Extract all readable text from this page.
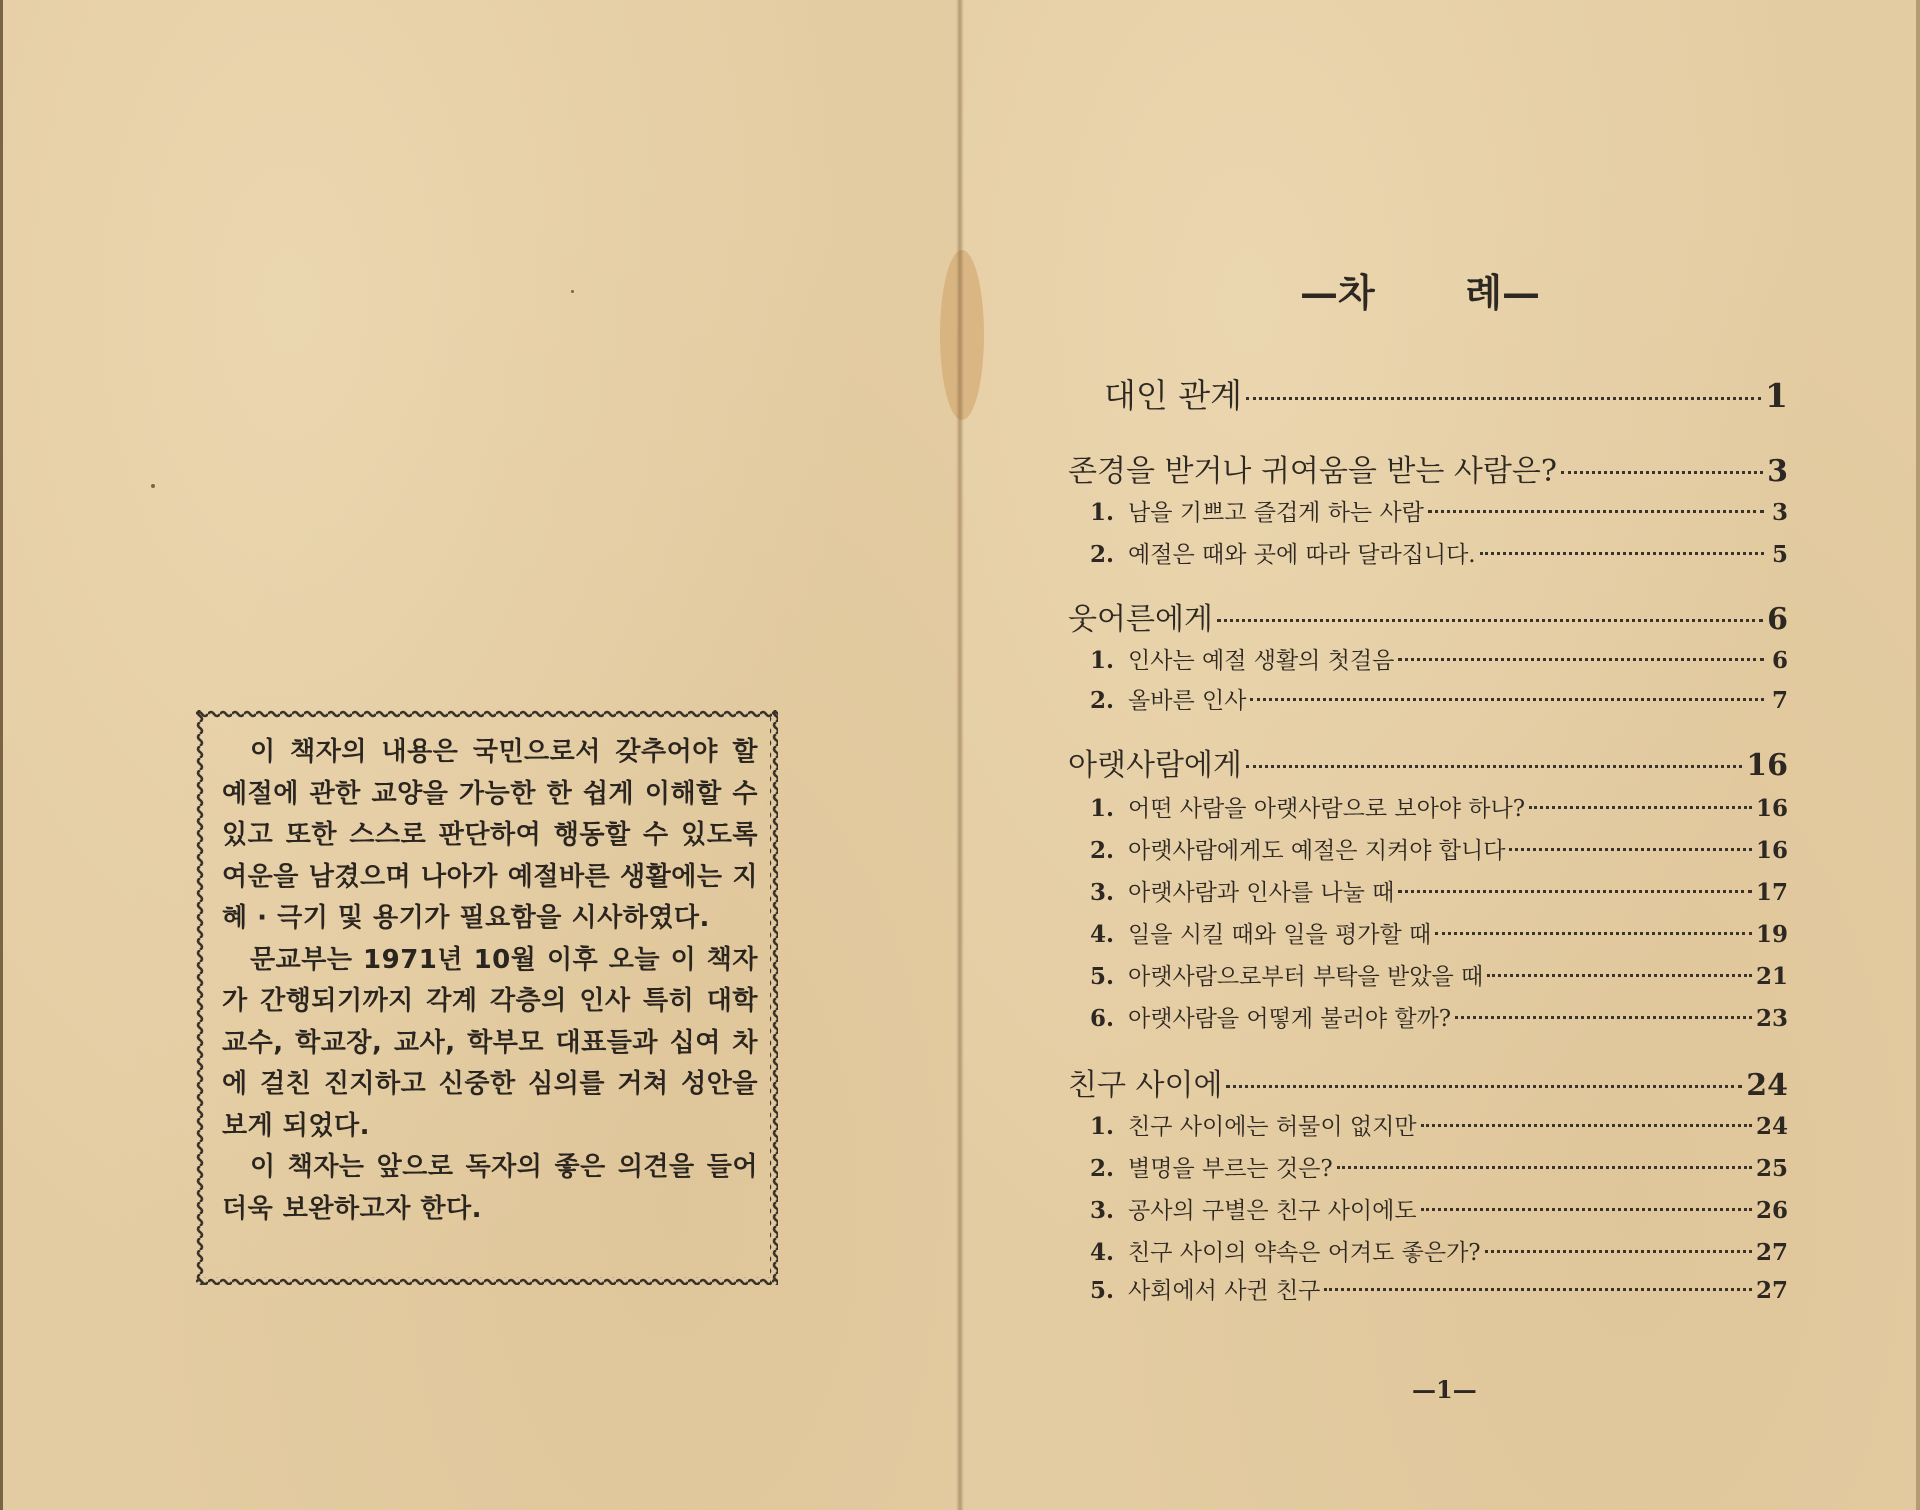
이 책자의 내용은 국민으로서 갖추어야 할 예절에 관한 교양을 가능한 한 쉽게 이해할 수 있고 또한 스스로 판단하여 행동할 수 있도록 여운을 남겼으며 나아가 예절바른 생활에는 지혜 · 극기 및 용기가 필요함을 시사하였다.

문교부는 1971년 10월 이후 오늘 이 책자가 간행되기까지 각계 각층의 인사 특히 대학 교수, 학교장, 교사, 학부모 대표들과 십여 차에 걸친 진지하고 신중한 심의를 거쳐 성안을 보게 되었다.

이 책자는 앞으로 독자의 좋은 의견을 들어 더욱 보완하고자 한다.

—차 례—
대인 관계	1
존경을 받거나 귀여움을 받는 사람은?	3
1. 남을 기쁘고 즐겁게 하는 사람	3
2. 예절은 때와 곳에 따라 달라집니다.	5
웃어른에게	6
1. 인사는 예절 생활의 첫걸음	6
2. 올바른 인사	7
아랫사람에게	16
1. 어떤 사람을 아랫사람으로 보아야 하나?	16
2. 아랫사람에게도 예절은 지켜야 합니다	16
3. 아랫사람과 인사를 나눌 때	17
4. 일을 시킬 때와 일을 평가할 때	19
5. 아랫사람으로부터 부탁을 받았을 때	21
6. 아랫사람을 어떻게 불러야 할까?	23
친구 사이에	24
1. 친구 사이에는 허물이 없지만	24
2. 별명을 부르는 것은?	25
3. 공사의 구별은 친구 사이에도	26
4. 친구 사이의 약속은 어겨도 좋은가?	27
5. 사회에서 사귄 친구	27
—1—
